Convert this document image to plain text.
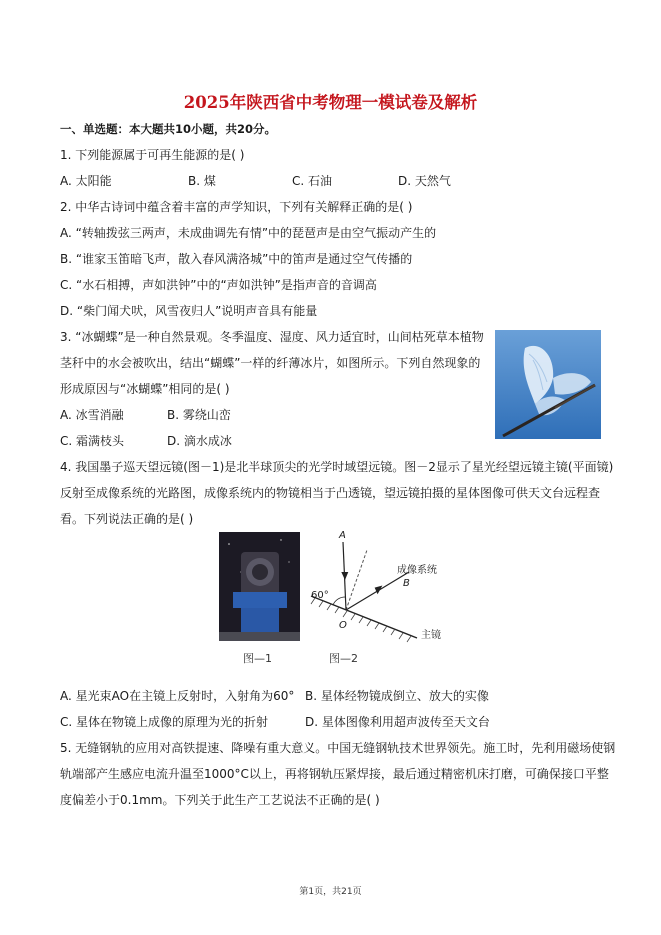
2025年陕西省中考物理一模试卷及解析
一、单选题：本大题共10小题，共20分。
1. 下列能源属于可再生能源的是( )
A. 太阳能	B. 煤	C. 石油	D. 天然气
2. 中华古诗词中蕴含着丰富的声学知识，下列有关解释正确的是( )
A. “转轴拨弦三两声，未成曲调先有情”中的琵琶声是由空气振动产生的
B. “谁家玉笛暗飞声，散入春风满洛城”中的笛声是通过空气传播的
C. “水石相搏，声如洪钟”中的“声如洪钟”是指声音的音调高
D. “柴门闻犬吠，风雪夜归人”说明声音具有能量
3. “冰蝴蝶”是一种自然景观。冬季温度、湿度、风力适宜时，山间枯死草本植物
茎秆中的水会被吹出，结出“蝴蝶”一样的纤薄冰片，如图所示。下列自然现象的
形成原因与“冰蝴蝶”相同的是( )
A. 冰雪消融	B. 雾绕山峦
C. 霜满枝头	D. 滴水成冰
4. 我国墨子巡天望远镜(图－1)是北半球顶尖的光学时域望远镜。图－2显示了星光经望远镜主镜(平面镜)
反射至成像系统的光路图，成像系统内的物镜相当于凸透镜，望远镜拍摄的星体图像可供天文台远程查
看。下列说法正确的是( )
图—1
A
B
O
60°
成像系统
主镜
图—2
A. 星光束AO在主镜上反射时，入射角为60° B. 星体经物镜成倒立、放大的实像
C. 星体在物镜上成像的原理为光的折射	D. 星体图像利用超声波传至天文台
5. 无缝钢轨的应用对高铁提速、降噪有重大意义。中国无缝钢轨技术世界领先。施工时，先利用磁场使钢
轨端部产生感应电流升温至1000°C以上，再将钢轨压紧焊接，最后通过精密机床打磨，可确保接口平整
度偏差小于0.1mm。下列关于此生产工艺说法不正确的是( )
第1页，共21页
